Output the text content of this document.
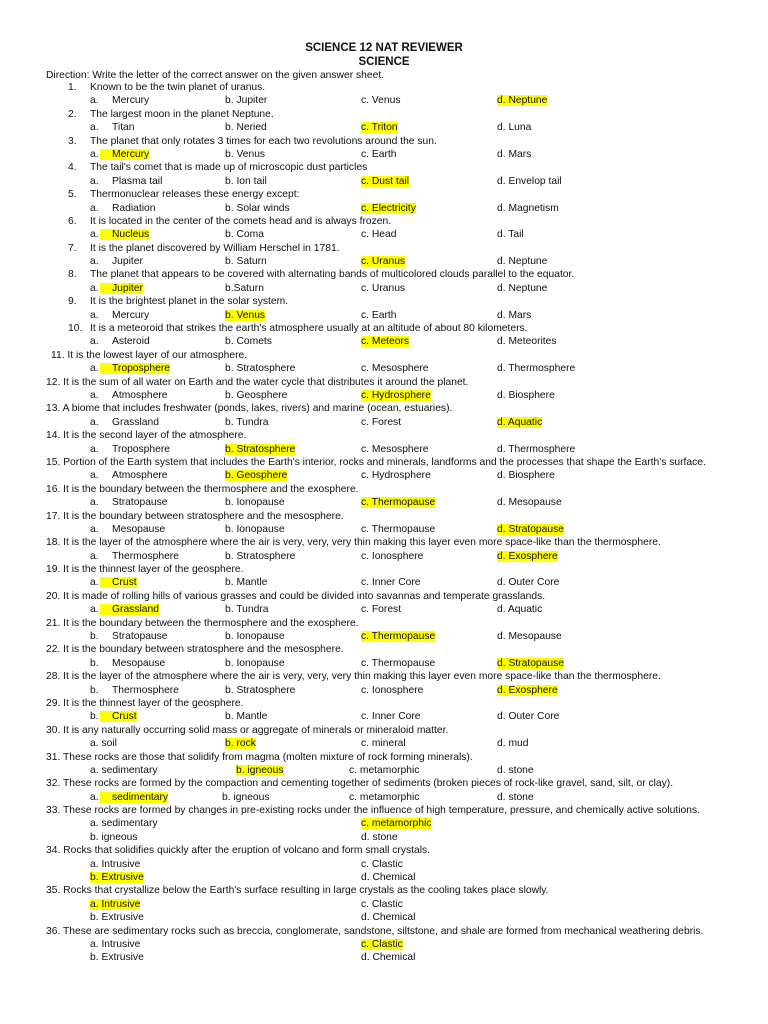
SCIENCE 12 NAT REVIEWER
SCIENCE
Direction: Write the letter of the correct answer on the given answer sheet.
1.	Known to be the twin planet of uranus.
a. Mercury	b. Jupiter	c. Venus	d. Neptune
2.	The largest moon in the planet Neptune.
a. Titan	b. Neried	c. Triton	d. Luna
3.	The planet that only rotates 3 times for each two revolutions around the sun.
a.	Mercury	b. Venus	c. Earth	d. Mars
4.	The tail's comet that is made up of microscopic dust particles
a. Plasma tail	b. Ion tail	c. Dust tail	d. Envelop tail
5.	Thermonuclear releases these energy except:
a. Radiation	b. Solar winds	c. Electricity	d. Magnetism
6.	It is located in the center of the comets head and is always frozen.
a.	Nucleus	b. Coma	c. Head	d. Tail
7.	It is the planet discovered by William Herschel in 1781.
a. Jupiter	b. Saturn	c. Uranus	d. Neptune
8.	The planet that appears to be covered with alternating bands of multicolored clouds parallel to the equator.
a.	Jupiter	b.Saturn	c. Uranus	d. Neptune
9.	It is the brightest planet in the solar system.
a. Mercury	b. Venus	c. Earth	d. Mars
10. It is a meteoroid that strikes the earth's atmosphere usually at an altitude of about 80 kilometers.
a. Asteroid	b. Comets	c. Meteors	d. Meteorites
11. It is the lowest layer of our atmosphere.
a.	Troposphere	b. Stratosphere	c. Mesosphere	d. Thermosphere
12. It is the sum of all water on Earth and the water cycle that distributes it around the planet.
a. Atmosphere	b. Geosphere	c. Hydrosphere	d. Biosphere
13. A biome that includes freshwater (ponds, lakes, rivers) and marine (ocean, estuaries).
a. Grassland	b. Tundra	c. Forest	d. Aquatic
14. It is the second layer of the atmosphere.
a. Troposphere	b. Stratosphere	c. Mesosphere	d. Thermosphere
15. Portion of the Earth system that includes the Earth's interior, rocks and minerals, landforms and the processes that shape the Earth's surface.
a. Atmosphere	b. Geosphere	c. Hydrosphere	d. Biosphere
16. It is the boundary between the thermosphere and the exosphere.
a. Stratopause	b. Ionopause	c. Thermopause	d. Mesopause
17. It is the boundary between stratosphere and the mesosphere.
a. Mesopause	b. Ionopause	c. Thermopause	d. Stratopause
18. It is the layer of the atmosphere where the air is very, very, very thin making this layer even more space-like than the thermosphere.
a. Thermosphere	b. Stratosphere	c. Ionosphere	d. Exosphere
19. It is the thinnest layer of the geosphere.
a.	Crust	b. Mantle	c. Inner Core	d. Outer Core
20. It is made of rolling hills of various grasses and could be divided into savannas and temperate grasslands.
a.	Grassland	b. Tundra	c. Forest	d. Aquatic
21. It is the boundary between the thermosphere and the exosphere.
b. Stratopause	b. Ionopause	c. Thermopause	d. Mesopause
22. It is the boundary between stratosphere and the mesosphere.
b. Mesopause	b. Ionopause	c. Thermopause	d. Stratopause
28. It is the layer of the atmosphere where the air is very, very, very thin making this layer even more space-like than the thermosphere.
b. Thermosphere	b. Stratosphere	c. Ionosphere	d. Exosphere
29. It is the thinnest layer of the geosphere.
b.	Crust	b. Mantle	c. Inner Core	d. Outer Core
30. It is any naturally occurring solid mass or aggregate of minerals or mineraloid matter.
a. soil	b. rock	c. mineral	d. mud
31. These rocks are those that solidify from magma (molten mixture of rock forming minerals).
a. sedimentary	b. igneous	c. metamorphic	d. stone
32. These rocks are formed by the compaction and cementing together of sediments (broken pieces of rock-like gravel, sand, silt, or clay).
a.	sedimentary	b. igneous	c. metamorphic	d. stone
33. These rocks are formed by changes in pre-existing rocks under the influence of high temperature, pressure, and chemically active solutions.
a. sedimentary	c. metamorphic
b. igneous	d. stone
34. Rocks that solidifies quickly after the eruption of volcano and form small crystals.
a. Intrusive	c. Clastic
b. Extrusive	d. Chemical
35. Rocks that crystallize below the Earth's surface resulting in large crystals as the cooling takes place slowly.
a. Intrusive	c. Clastic
b. Extrusive	d. Chemical
36. These are sedimentary rocks such as breccia, conglomerate, sandstone, siltstone, and shale are formed from mechanical weathering debris.
a. Intrusive	c. Clastic
b. Extrusive	d. Chemical
